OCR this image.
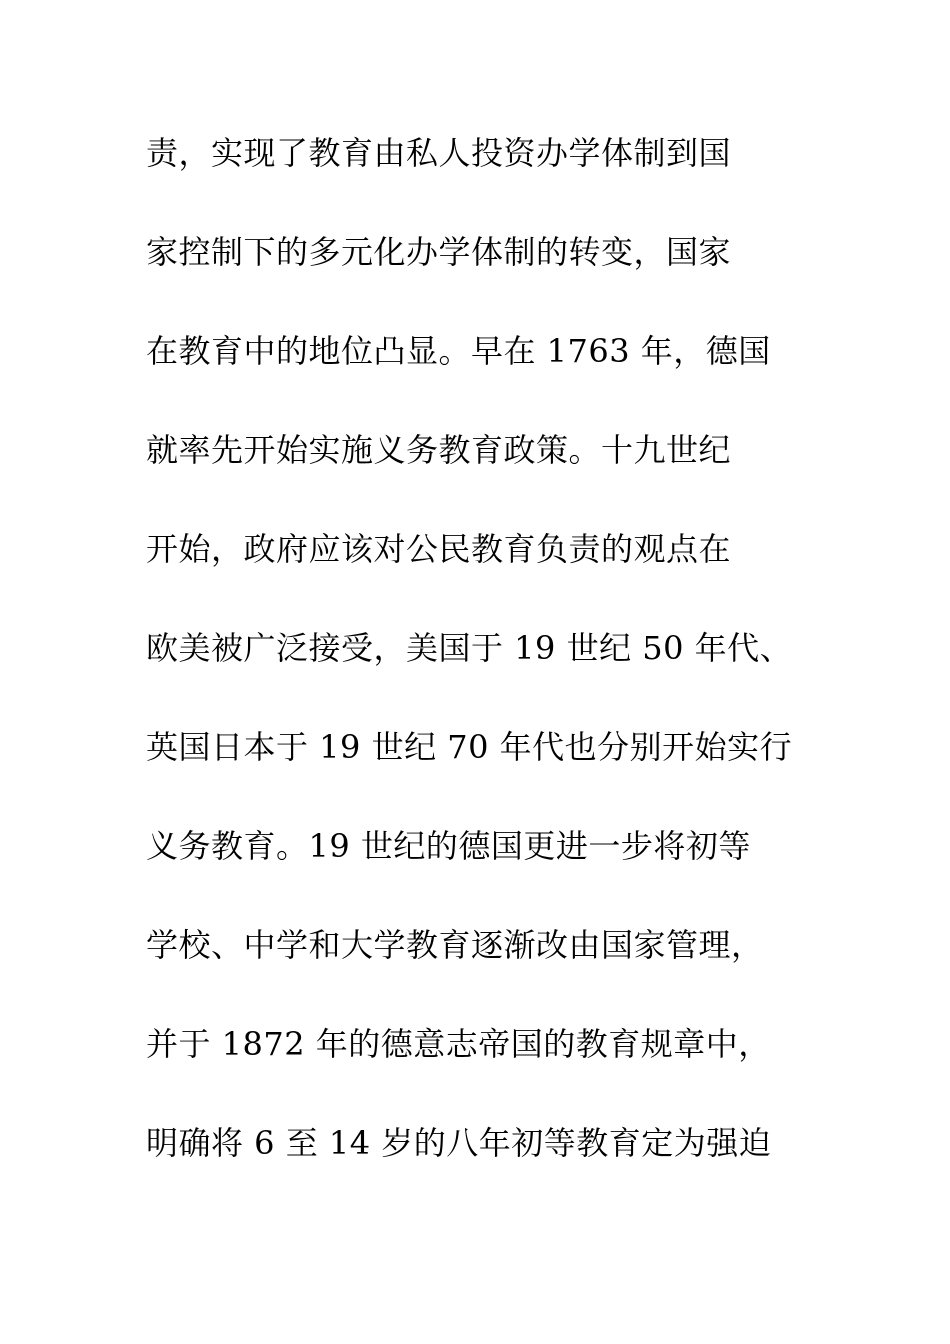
责，实现了教育由私人投资办学体制到国
家控制下的多元化办学体制的转变，国家
在教育中的地位凸显。早在 1763 年，德国
就率先开始实施义务教育政策。十九世纪
开始，政府应该对公民教育负责的观点在
欧美被广泛接受，美国于 19 世纪 50 年代、
英国日本于 19 世纪 70 年代也分别开始实行
义务教育。19 世纪的德国更进一步将初等
学校、中学和大学教育逐渐改由国家管理，
并于 1872 年的德意志帝国的教育规章中，
明确将 6 至 14 岁的八年初等教育定为强迫
